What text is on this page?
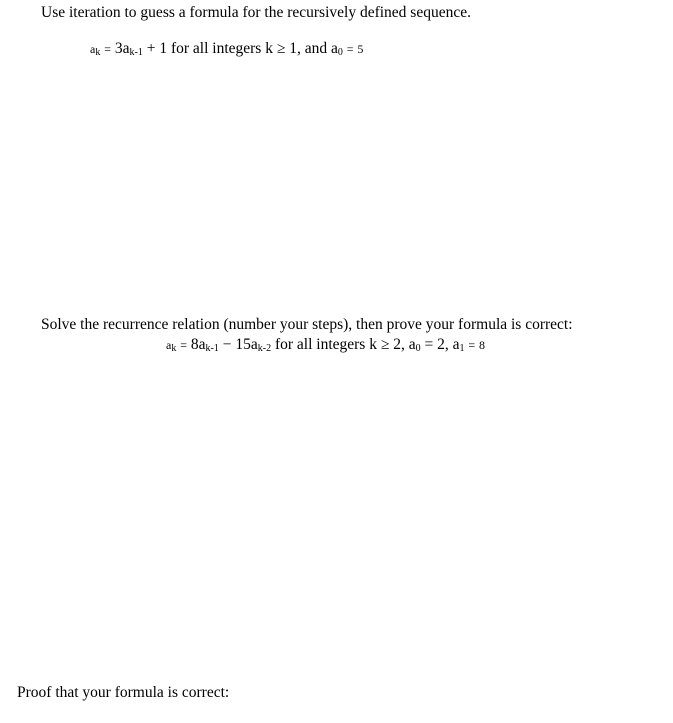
Use iteration to guess a formula for the recursively defined sequence.
$a_k = 3a_{k-1} + 1$ for all integers k ≥ 1, and $a_0 = 5$
Solve the recurrence relation (number your steps), then prove your formula is correct:
$a_k = 8a_{k-1} - 15a_{k-2}$ for all integers k ≥ 2, $a_0 = 2$, $a_1 = 8$
Proof that your formula is correct:
